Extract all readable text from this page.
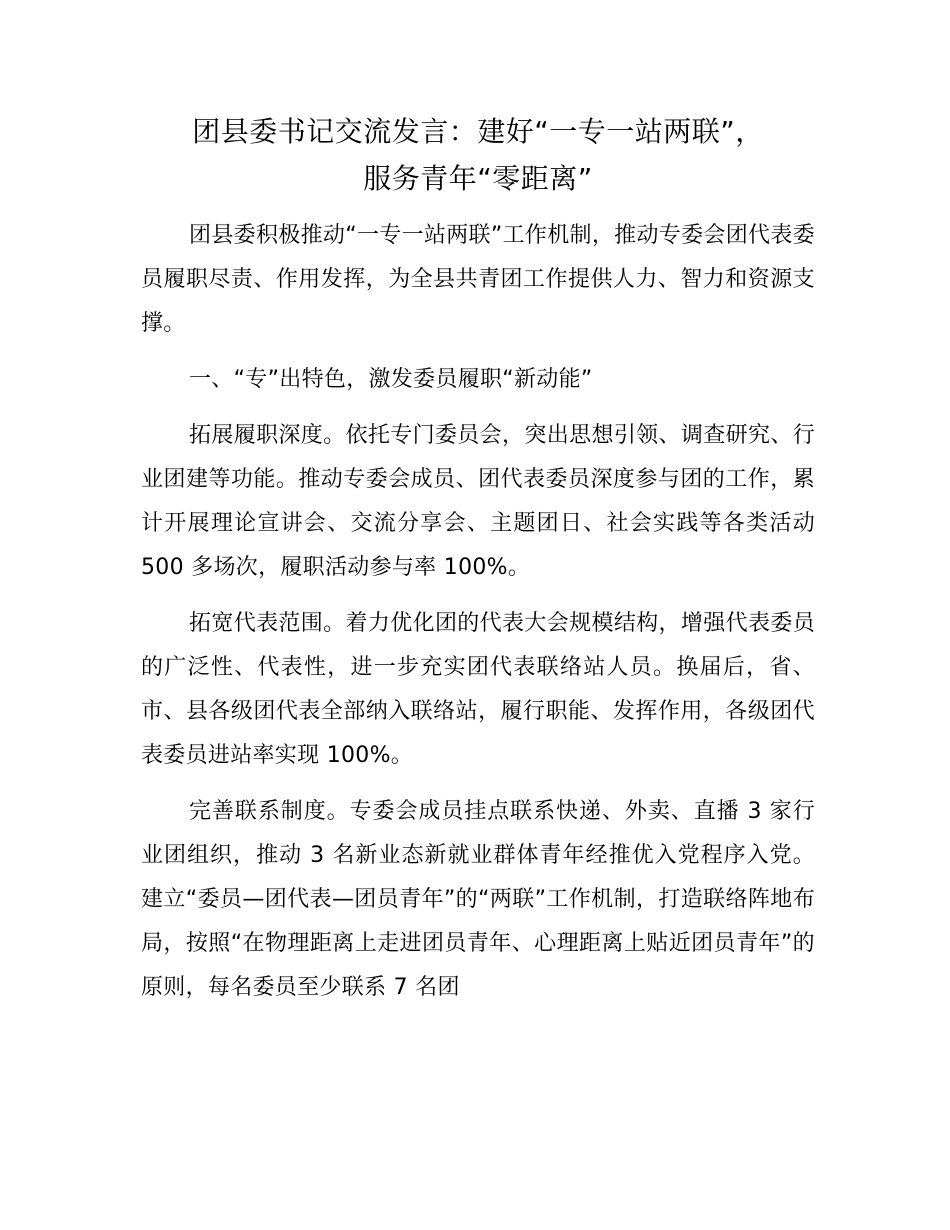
团县委书记交流发言：建好“一专一站两联”，
服务青年“零距离”

团县委积极推动“一专一站两联”工作机制，推动专委会团代表委员履职尽责、作用发挥，为全县共青团工作提供人力、智力和资源支撑。

一、“专”出特色，激发委员履职“新动能”

拓展履职深度。依托专门委员会，突出思想引领、调查研究、行业团建等功能。推动专委会成员、团代表委员深度参与团的工作，累计开展理论宣讲会、交流分享会、主题团日、社会实践等各类活动 500 多场次，履职活动参与率 100%。

拓宽代表范围。着力优化团的代表大会规模结构，增强代表委员的广泛性、代表性，进一步充实团代表联络站人员。换届后，省、市、县各级团代表全部纳入联络站，履行职能、发挥作用，各级团代表委员进站率实现 100%。

完善联系制度。专委会成员挂点联系快递、外卖、直播 3 家行业团组织，推动 3 名新业态新就业群体青年经推优入党程序入党。建立“委员—团代表—团员青年”的“两联”工作机制，打造联络阵地布局，按照“在物理距离上走进团员青年、心理距离上贴近团员青年”的原则，每名委员至少联系 7 名团
